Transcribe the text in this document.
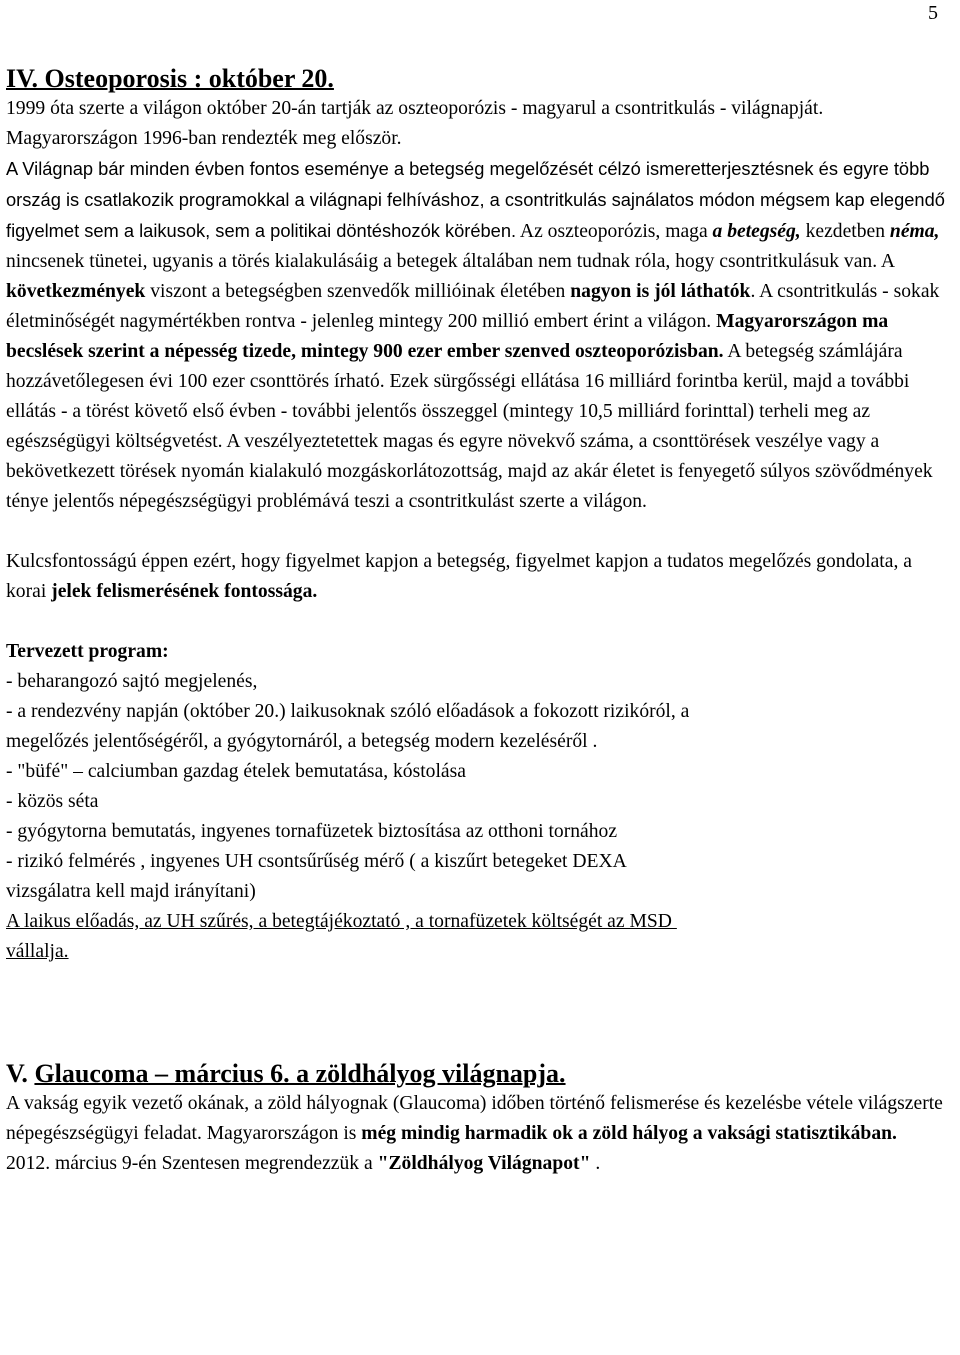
5
IV. Osteoporosis : október 20.

1999 óta szerte a világon október 20-án tartják az oszteoporózis - magyarul a csontritkulás - világnapját. Magyarországon 1996-ban rendezték meg először.

A Világnap bár minden évben fontos eseménye a betegség megelőzését célzó ismeretterjesztésnek és egyre több ország is csatlakozik programokkal a világnapi felhíváshoz, a csontritkulás sajnálatos módon mégsem kap elegendő figyelmet sem a laikusok, sem a politikai döntéshozók körében. Az oszteoporózis, maga a betegség, kezdetben néma, nincsenek tünetei, ugyanis a törés kialakulásáig a betegek általában nem tudnak róla, hogy csontritkulásuk van. A következmények viszont a betegségben szenvedők millióinak életében nagyon is jól láthatók. A csontritkulás - sokak életminőségét nagymértékben rontva - jelenleg mintegy 200 millió embert érint a világon. Magyarországon ma becslések szerint a népesség tizede, mintegy 900 ezer ember szenved oszteoporózisban. A betegség számlájára hozzávetőlegesen évi 100 ezer csonttörés írható. Ezek sürgősségi ellátása 16 milliárd forintba kerül, majd a további ellátás - a törést követő első évben - további jelentős összeggel (mintegy 10,5 milliárd forinttal) terheli meg az egészségügyi költségvetést. A veszélyeztetettek magas és egyre növekvő száma, a csonttörések veszélye vagy a bekövetkezett törések nyomán kialakuló mozgáskorlátozottság, majd az akár életet is fenyegető súlyos szövődmények ténye jelentős népegészségügyi problémává teszi a csontritkulást szerte a világon.

Kulcsfontosságú éppen ezért, hogy figyelmet kapjon a betegség, figyelmet kapjon a tudatos megelőzés gondolata, a korai jelek felismerésének fontossága.

Tervezett program:

- beharangozó sajtó megjelenés,
- a rendezvény napján (október 20.) laikusoknak szóló előadások a fokozott rizikóról, a
megelőzés jelentőségéről, a gyógytornáról, a betegség modern kezeléséről .
- "büfé" – calciumban gazdag ételek bemutatása, kóstolása
- közös séta
- gyógytorna bemutatás, ingyenes tornafüzetek biztosítása az otthoni tornához
- rizikó felmérés , ingyenes UH csontsűrűség mérő ( a kiszűrt betegeket DEXA
vizsgálatra kell majd irányítani)
A laikus előadás, az UH szűrés, a betegtájékoztató , a tornafüzetek költségét az MSD
vállalja.
V. Glaucoma – március 6. a zöldhályog világnapja.

A vakság egyik vezető okának, a zöld hályognak (Glaucoma) időben történő felismerése és kezelésbe vétele világszerte népegészségügyi feladat. Magyarországon is még mindig harmadik ok a zöld hályog a vaksági statisztikában.

2012. március 9-én Szentesen megrendezzük a "Zöldhályog Világnapot" .
